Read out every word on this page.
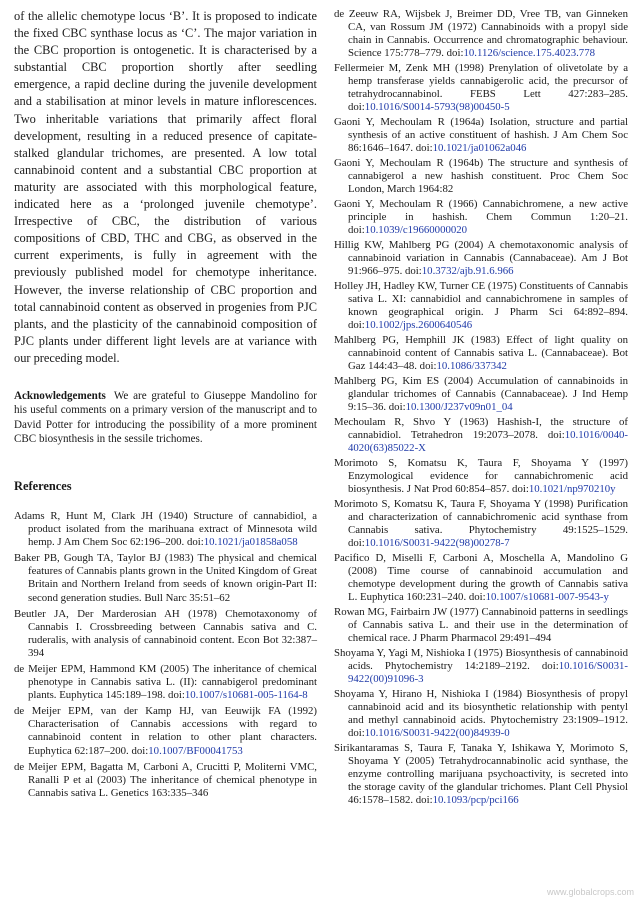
of the allelic chemotype locus ‘B’. It is proposed to indicate the fixed CBC synthase locus as ‘C’. The major variation in the CBC proportion is ontogenetic. It is characterised by a substantial CBC proportion shortly after seedling emergence, a rapid decline during the juvenile development and a stabilisation at minor levels in mature inflorescences. Two inheritable variations that primarily affect floral development, resulting in a reduced presence of capitate-stalked glandular trichomes, are presented. A low total cannabinoid content and a substantial CBC proportion at maturity are associated with this morphological feature, indicated here as a ‘prolonged juvenile chemotype’. Irrespective of CBC, the distribution of various compositions of CBD, THC and CBG, as observed in the current experiments, is fully in agreement with the previously published model for chemotype inheritance. However, the inverse relationship of CBC proportion and total cannabinoid content as observed in progenies from PJC plants, and the plasticity of the cannabinoid composition of PJC plants under different light levels are at variance with our preceding model.

Acknowledgements We are grateful to Giuseppe Mandolino for his useful comments on a primary version of the manuscript and to David Potter for introducing the possibility of a more prominent CBC biosynthesis in the sessile trichomes.
References
Adams R, Hunt M, Clark JH (1940) Structure of cannabidiol, a product isolated from the marihuana extract of Minnesota wild hemp. J Am Chem Soc 62:196–200. doi:10.1021/ja01858a058
Baker PB, Gough TA, Taylor BJ (1983) The physical and chemical features of Cannabis plants grown in the United Kingdom of Great Britain and Northern Ireland from seeds of known origin-Part II: second generation studies. Bull Narc 35:51–62
Beutler JA, Der Marderosian AH (1978) Chemotaxonomy of Cannabis I. Crossbreeding between Cannabis sativa and C. ruderalis, with analysis of cannabinoid content. Econ Bot 32:387–394
de Meijer EPM, Hammond KM (2005) The inheritance of chemical phenotype in Cannabis sativa L. (II): cannabigerol predominant plants. Euphytica 145:189–198. doi:10.1007/s10681-005-1164-8
de Meijer EPM, van der Kamp HJ, van Eeuwijk FA (1992) Characterisation of Cannabis accessions with regard to cannabinoid content in relation to other plant characters. Euphytica 62:187–200. doi:10.1007/BF00041753
de Meijer EPM, Bagatta M, Carboni A, Crucitti P, Moliterni VMC, Ranalli P et al (2003) The inheritance of chemical phenotype in Cannabis sativa L. Genetics 163:335–346
de Zeeuw RA, Wijsbek J, Breimer DD, Vree TB, van Ginneken CA, van Rossum JM (1972) Cannabinoids with a propyl side chain in Cannabis. Occurrence and chromatographic behaviour. Science 175:778–779. doi:10.1126/science.175.4023.778
Fellermeier M, Zenk MH (1998) Prenylation of olivetolate by a hemp transferase yields cannabigerolic acid, the precursor of tetrahydrocannabinol. FEBS Lett 427:283–285. doi:10.1016/S0014-5793(98)00450-5
Gaoni Y, Mechoulam R (1964a) Isolation, structure and partial synthesis of an active constituent of hashish. J Am Chem Soc 86:1646–1647. doi:10.1021/ja01062a046
Gaoni Y, Mechoulam R (1964b) The structure and synthesis of cannabigerol a new hashish constituent. Proc Chem Soc London, March 1964:82
Gaoni Y, Mechoulam R (1966) Cannabichromene, a new active principle in hashish. Chem Commun 1:20–21. doi:10.1039/c19660000020
Hillig KW, Mahlberg PG (2004) A chemotaxonomic analysis of cannabinoid variation in Cannabis (Cannabaceae). Am J Bot 91:966–975. doi:10.3732/ajb.91.6.966
Holley JH, Hadley KW, Turner CE (1975) Constituents of Cannabis sativa L. XI: cannabidiol and cannabichromene in samples of known geographical origin. J Pharm Sci 64:892–894. doi:10.1002/jps.2600640546
Mahlberg PG, Hemphill JK (1983) Effect of light quality on cannabinoid content of Cannabis sativa L. (Cannabaceae). Bot Gaz 144:43–48. doi:10.1086/337342
Mahlberg PG, Kim ES (2004) Accumulation of cannabinoids in glandular trichomes of Cannabis (Cannabaceae). J Ind Hemp 9:15–36. doi:10.1300/J237v09n01_04
Mechoulam R, Shvo Y (1963) Hashish-I, the structure of cannabidiol. Tetrahedron 19:2073–2078. doi:10.1016/0040-4020(63)85022-X
Morimoto S, Komatsu K, Taura F, Shoyama Y (1997) Enzymological evidence for cannabichromenic acid biosynthesis. J Nat Prod 60:854–857. doi:10.1021/np970210y
Morimoto S, Komatsu K, Taura F, Shoyama Y (1998) Purification and characterization of cannabichromenic acid synthase from Cannabis sativa. Phytochemistry 49:1525–1529. doi:10.1016/S0031-9422(98)00278-7
Pacifico D, Miselli F, Carboni A, Moschella A, Mandolino G (2008) Time course of cannabinoid accumulation and chemotype development during the growth of Cannabis sativa L. Euphytica 160:231–240. doi:10.1007/s10681-007-9543-y
Rowan MG, Fairbairn JW (1977) Cannabinoid patterns in seedlings of Cannabis sativa L. and their use in the determination of chemical race. J Pharm Pharmacol 29:491–494
Shoyama Y, Yagi M, Nishioka I (1975) Biosynthesis of cannabinoid acids. Phytochemistry 14:2189–2192. doi:10.1016/S0031-9422(00)91096-3
Shoyama Y, Hirano H, Nishioka I (1984) Biosynthesis of propyl cannabinoid acid and its biosynthetic relationship with pentyl and methyl cannabinoid acids. Phytochemistry 23:1909–1912. doi:10.1016/S0031-9422(00)84939-0
Sirikantaramas S, Taura F, Tanaka Y, Ishikawa Y, Morimoto S, Shoyama Y (2005) Tetrahydrocannabinolic acid synthase, the enzyme controlling marijuana psychoactivity, is secreted into the storage cavity of the glandular trichomes. Plant Cell Physiol 46:1578–1582. doi:10.1093/pcp/pci166
www.globalcrops.com
